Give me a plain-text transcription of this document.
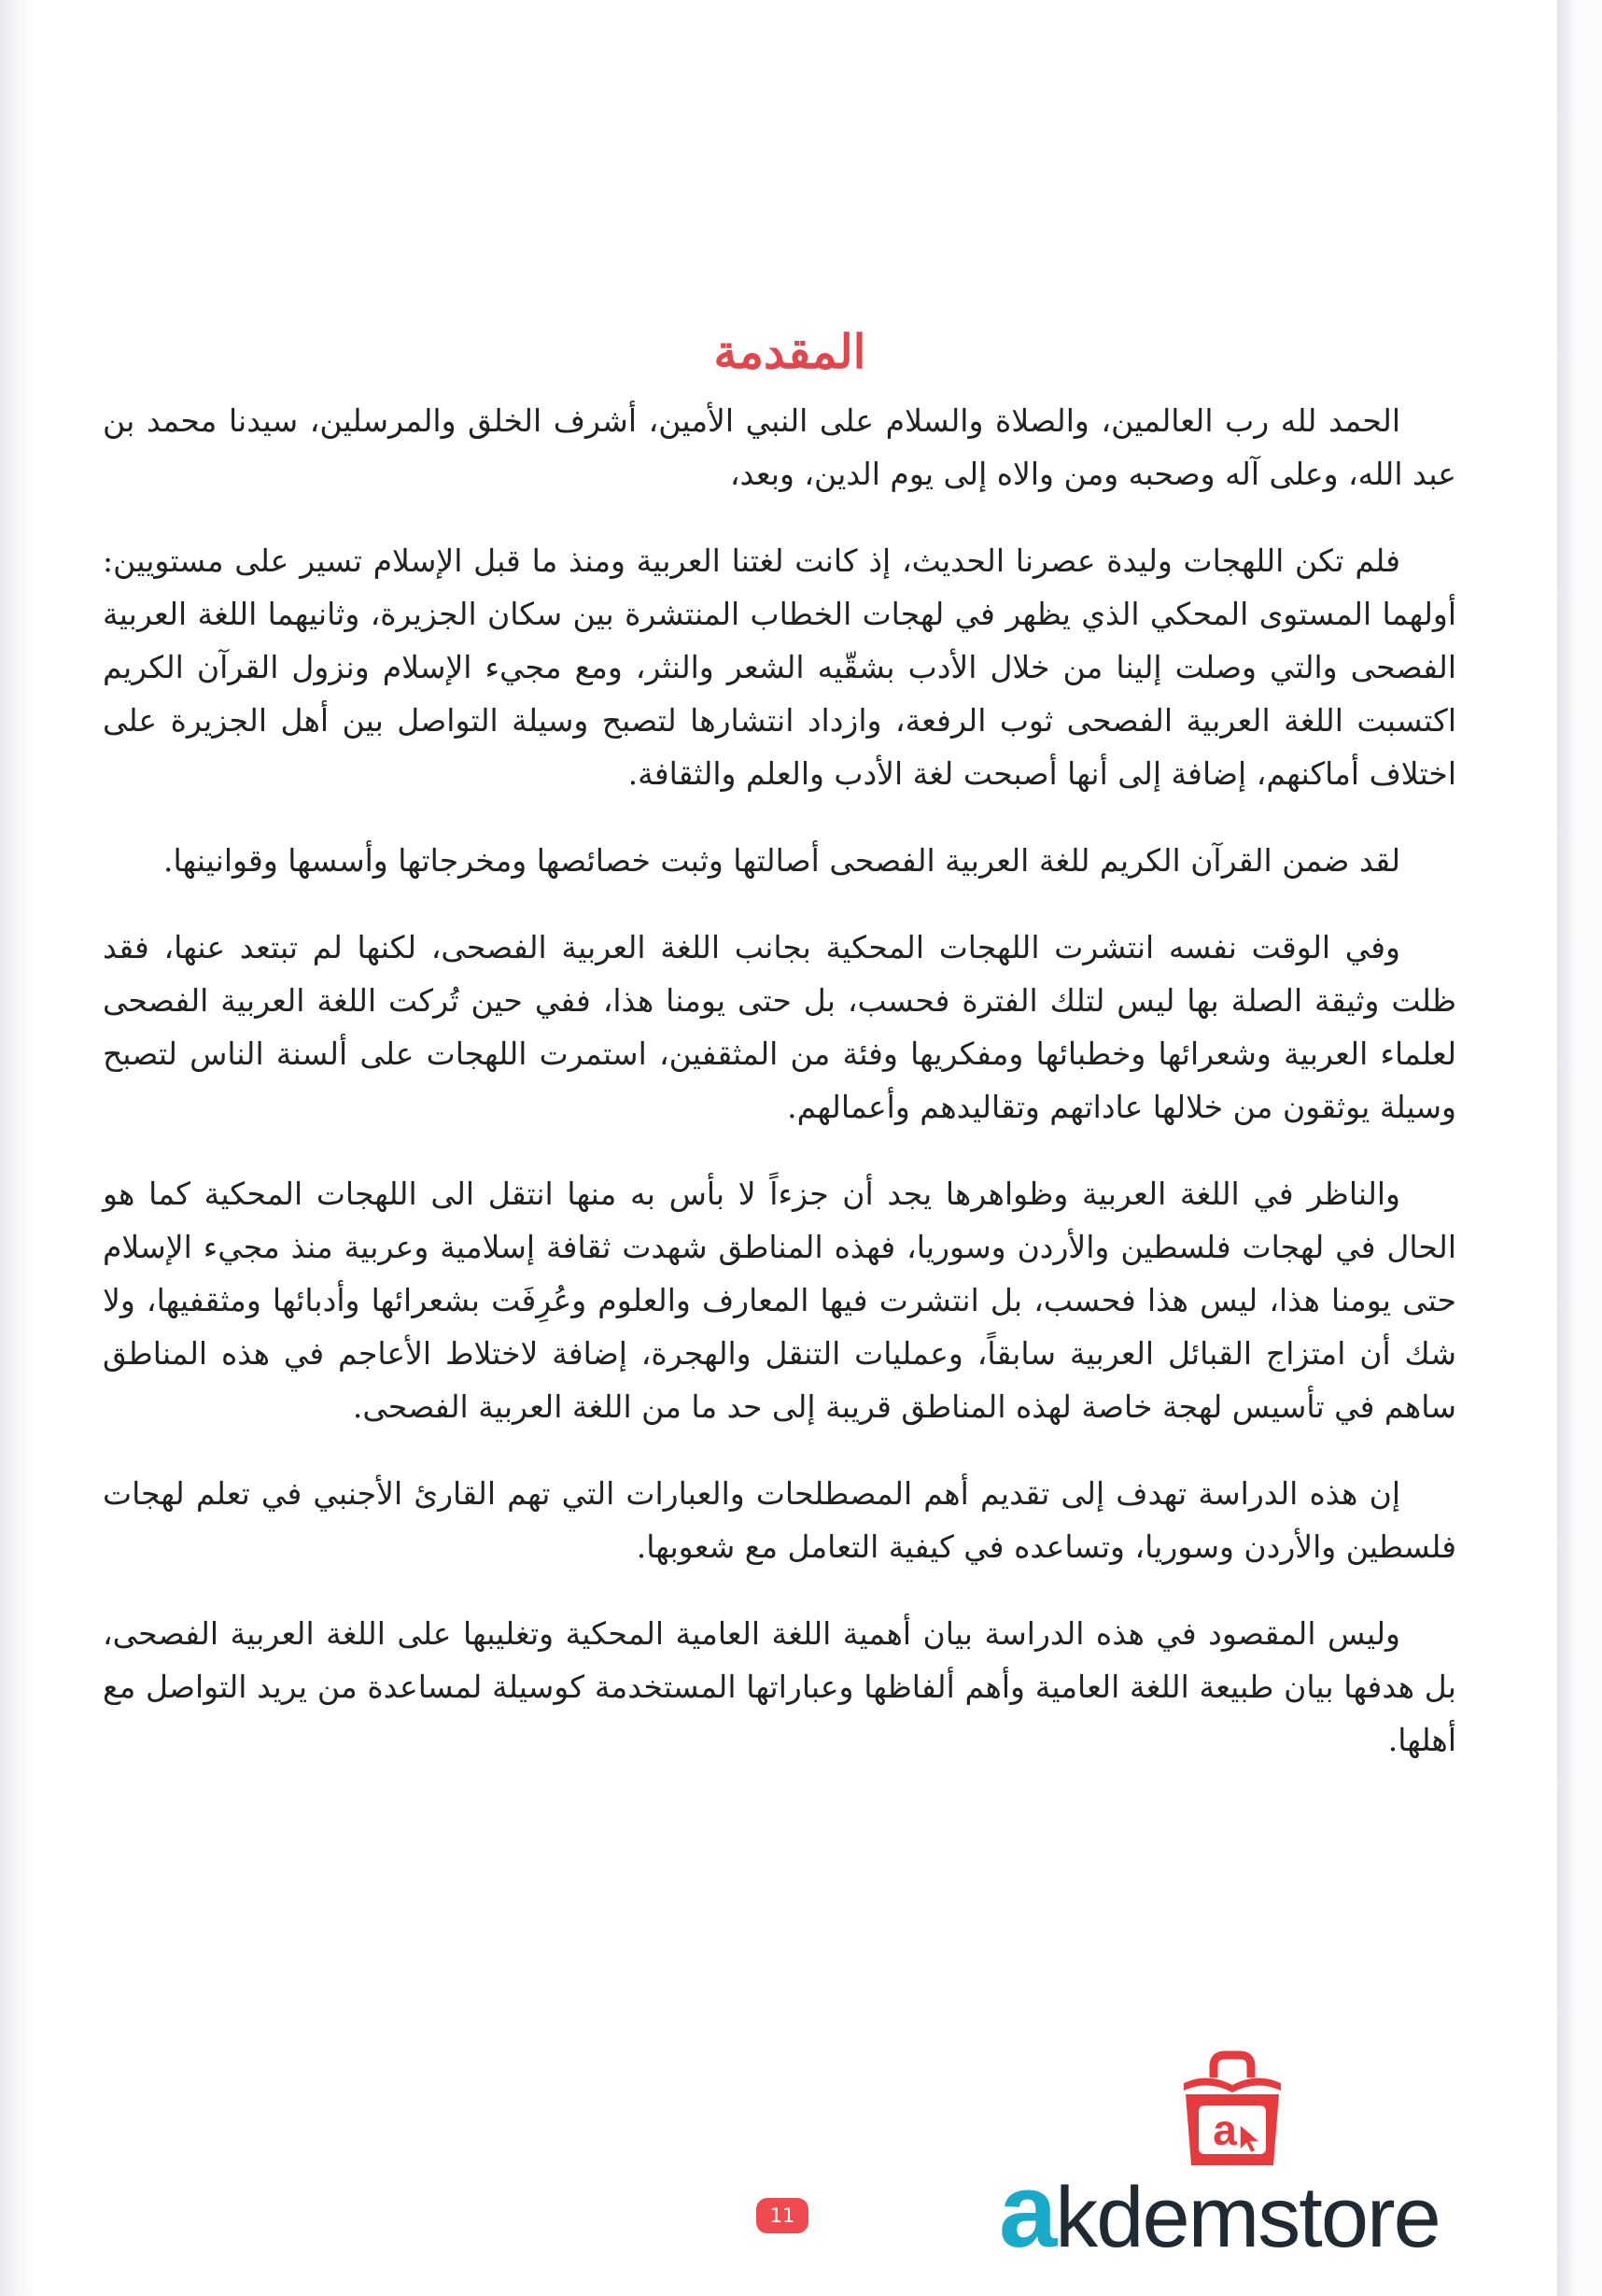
المقدمة

الحمد لله رب العالمين، والصلاة والسلام على النبي الأمين، أشرف الخلق والمرسلين، سيدنا محمد بن عبد الله، وعلى آله وصحبه ومن والاه إلى يوم الدين، وبعد،

فلم تكن اللهجات وليدة عصرنا الحديث، إذ كانت لغتنا العربية ومنذ ما قبل الإسلام تسير على مستويين: أولهما المستوى المحكي الذي يظهر في لهجات الخطاب المنتشرة بين سكان الجزيرة، وثانيهما اللغة العربية الفصحى والتي وصلت إلينا من خلال الأدب بشقّيه الشعر والنثر، ومع مجيء الإسلام ونزول القرآن الكريم اكتسبت اللغة العربية الفصحى ثوب الرفعة، وازداد انتشارها لتصبح وسيلة التواصل بين أهل الجزيرة على اختلاف أماكنهم، إضافة إلى أنها أصبحت لغة الأدب والعلم والثقافة.

لقد ضمن القرآن الكريم للغة العربية الفصحى أصالتها وثبت خصائصها ومخرجاتها وأسسها وقوانينها.

وفي الوقت نفسه انتشرت اللهجات المحكية بجانب اللغة العربية الفصحى، لكنها لم تبتعد عنها، فقد ظلت وثيقة الصلة بها ليس لتلك الفترة فحسب، بل حتى يومنا هذا، ففي حين تُركت اللغة العربية الفصحى لعلماء العربية وشعرائها وخطبائها ومفكريها وفئة من المثقفين، استمرت اللهجات على ألسنة الناس لتصبح وسيلة يوثقون من خلالها عاداتهم وتقاليدهم وأعمالهم.

والناظر في اللغة العربية وظواهرها يجد أن جزءاً لا بأس به منها انتقل الى اللهجات المحكية كما هو الحال في لهجات فلسطين والأردن وسوريا، فهذه المناطق شهدت ثقافة إسلامية وعربية منذ مجيء الإسلام حتى يومنا هذا، ليس هذا فحسب، بل انتشرت فيها المعارف والعلوم وعُرِفَت بشعرائها وأدبائها ومثقفيها، ولا شك أن امتزاج القبائل العربية سابقاً، وعمليات التنقل والهجرة، إضافة لاختلاط الأعاجم في هذه المناطق ساهم في تأسيس لهجة خاصة لهذه المناطق قريبة إلى حد ما من اللغة العربية الفصحى.

إن هذه الدراسة تهدف إلى تقديم أهم المصطلحات والعبارات التي تهم القارئ الأجنبي في تعلم لهجات فلسطين والأردن وسوريا، وتساعده في كيفية التعامل مع شعوبها.

وليس المقصود في هذه الدراسة بيان أهمية اللغة العامية المحكية وتغليبها على اللغة العربية الفصحى، بل هدفها بيان طبيعة اللغة العامية وأهم ألفاظها وعباراتها المستخدمة كوسيلة لمساعدة من يريد التواصل مع أهلها.

11
a
akdemstore
